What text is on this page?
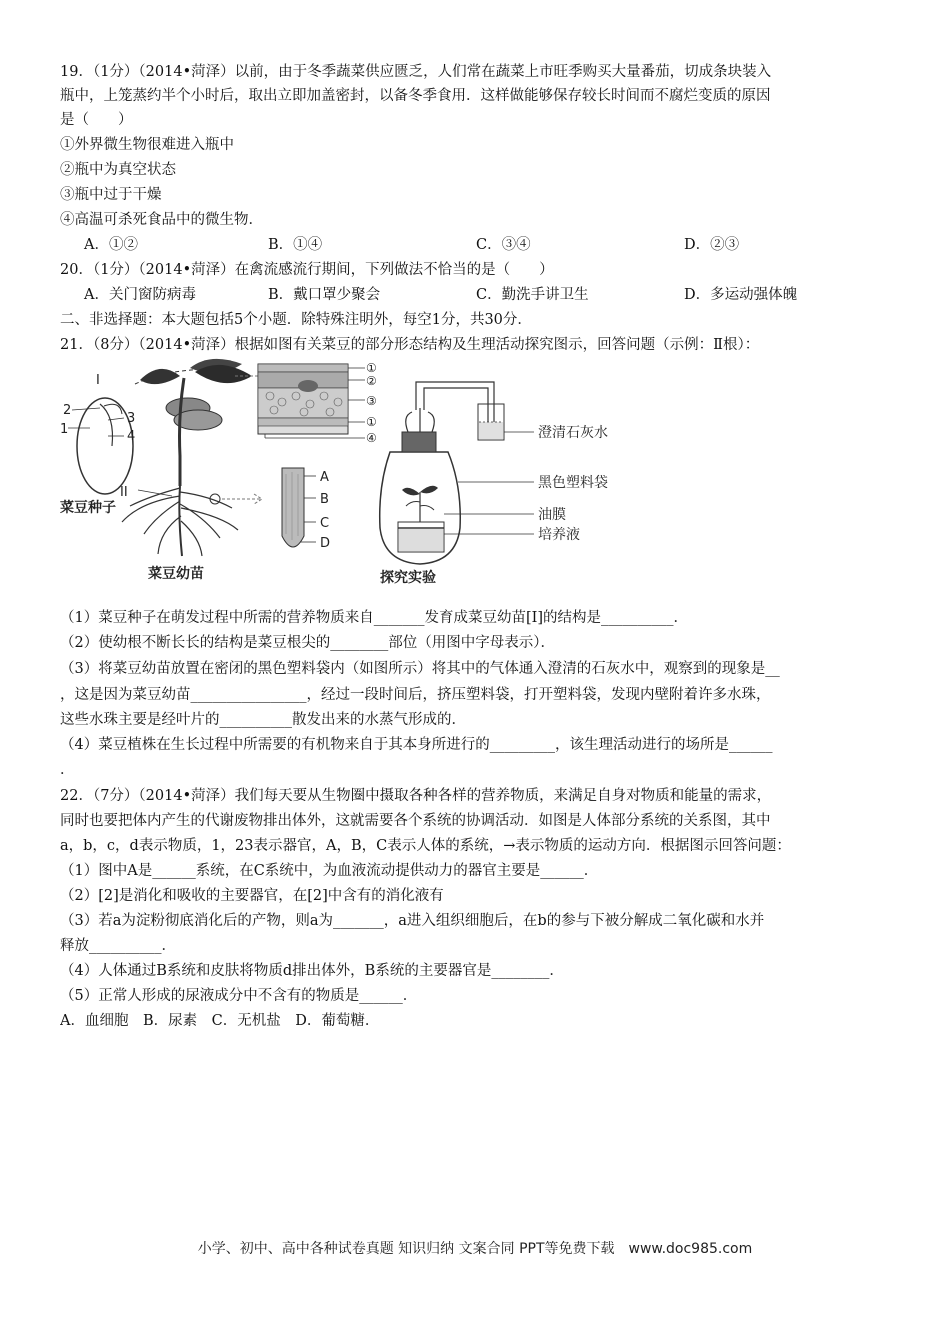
19．（1分）（2014•菏泽）以前，由于冬季蔬菜供应匮乏，人们常在蔬菜上市旺季购买大量番茄，切成条块装入
瓶中，上笼蒸约半个小时后，取出立即加盖密封，以备冬季食用．这样做能够保存较长时间而不腐烂变质的原因
是（　　）
①外界微生物很难进入瓶中
②瓶中为真空状态
③瓶中过于干燥
④高温可杀死食品中的微生物．
A．①②	B．①④	C．③④	D．②③
20．（1分）（2014•菏泽）在禽流感流行期间，下列做法不恰当的是（　　）
A．关门窗防病毒	B．戴口罩少聚会	C．勤洗手讲卫生	D．多运动强体魄
二、非选择题：本大题包括5个小题．除特殊注明外，每空1分，共30分．
21．（8分）（2014•菏泽）根据如图有关菜豆的部分形态结构及生理活动探究图示，回答问题（示例：Ⅱ根）：
2
1
3
4
菜豆种子
I
II
菜豆幼苗
①
②
③
①
④
A
B
C
D
澄清石灰水
黑色塑料袋
油膜
培养液
探究实验
（1）菜豆种子在萌发过程中所需的营养物质来自_______发育成菜豆幼苗[I]的结构是__________．
（2）使幼根不断长长的结构是菜豆根尖的________部位（用图中字母表示）．
（3）将菜豆幼苗放置在密闭的黑色塑料袋内（如图所示）将其中的气体通入澄清的石灰水中，观察到的现象是__
，这是因为菜豆幼苗________________，经过一段时间后，挤压塑料袋，打开塑料袋，发现内壁附着许多水珠，
这些水珠主要是经叶片的__________散发出来的水蒸气形成的．
（4）菜豆植株在生长过程中所需要的有机物来自于其本身所进行的_________，该生理活动进行的场所是______
．
22．（7分）（2014•菏泽）我们每天要从生物圈中摄取各种各样的营养物质，来满足自身对物质和能量的需求，
同时也要把体内产生的代谢废物排出体外，这就需要各个系统的协调活动．如图是人体部分系统的关系图，其中
a，b，c，d表示物质，1，23表示器官，A，B，C表示人体的系统，→表示物质的运动方向．根据图示回答问题：
（1）图中A是______系统，在C系统中，为血液流动提供动力的器官主要是______．
（2）[2]是消化和吸收的主要器官，在[2]中含有的消化液有
（3）若a为淀粉彻底消化后的产物，则a为_______，a进入组织细胞后，在b的参与下被分解成二氧化碳和水并
释放__________．
（4）人体通过B系统和皮肤将物质d排出体外，B系统的主要器官是________．
（5）正常人形成的尿液成分中不含有的物质是______．
A．血细胞　B．尿素　C．无机盐　D．葡萄糖．
小学、初中、高中各种试卷真题 知识归纳 文案合同 PPT等免费下载　www.doc985.com
